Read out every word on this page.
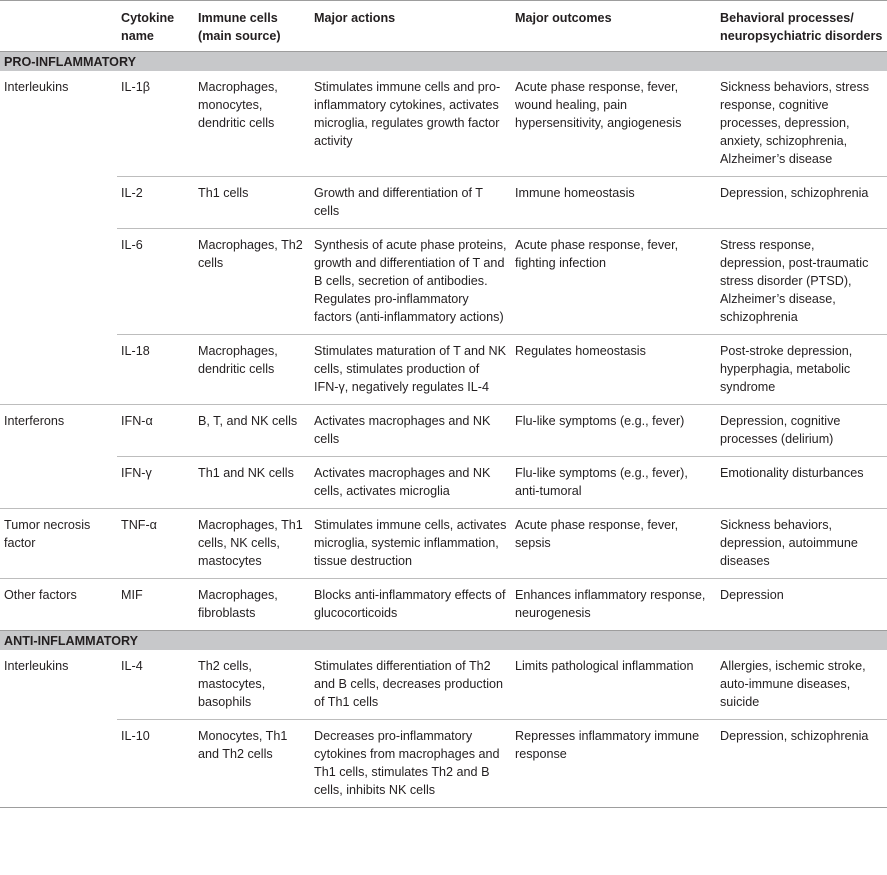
	Cytokine name	Immune cells (main source)	Major actions	Major outcomes	Behavioral processes/ neuropsychiatric disorders
PRO-INFLAMMATORY					
Interleukins	IL-1β	Macrophages, monocytes, dendritic cells	Stimulates immune cells and pro-inflammatory cytokines, activates microglia, regulates growth factor activity	Acute phase response, fever, wound healing, pain hypersensitivity, angiogenesis	Sickness behaviors, stress response, cognitive processes, depression, anxiety, schizophrenia, Alzheimer’s disease
	IL-2	Th1 cells	Growth and differentiation of T cells	Immune homeostasis	Depression, schizophrenia
	IL-6	Macrophages, Th2 cells	Synthesis of acute phase proteins, growth and differentiation of T and B cells, secretion of antibodies. Regulates pro-inflammatory factors (anti-inflammatory actions)	Acute phase response, fever, fighting infection	Stress response, depression, post-traumatic stress disorder (PTSD), Alzheimer’s disease, schizophrenia
	IL-18	Macrophages, dendritic cells	Stimulates maturation of T and NK cells, stimulates production of IFN-γ, negatively regulates IL-4	Regulates homeostasis	Post-stroke depression, hyperphagia, metabolic syndrome
Interferons	IFN-α	B, T, and NK cells	Activates macrophages and NK cells	Flu-like symptoms (e.g., fever)	Depression, cognitive processes (delirium)
	IFN-γ	Th1 and NK cells	Activates macrophages and NK cells, activates microglia	Flu-like symptoms (e.g., fever), anti-tumoral	Emotionality disturbances
Tumor necrosis factor	TNF-α	Macrophages, Th1 cells, NK cells, mastocytes	Stimulates immune cells, activates microglia, systemic inflammation, tissue destruction	Acute phase response, fever, sepsis	Sickness behaviors, depression, autoimmune diseases
Other factors	MIF	Macrophages, fibroblasts	Blocks anti-inflammatory effects of glucocorticoids	Enhances inflammatory response, neurogenesis	Depression
ANTI-INFLAMMATORY					
Interleukins	IL-4	Th2 cells, mastocytes, basophils	Stimulates differentiation of Th2 and B cells, decreases production of Th1 cells	Limits pathological inflammation	Allergies, ischemic stroke, auto-immune diseases, suicide
	IL-10	Monocytes, Th1 and Th2 cells	Decreases pro-inflammatory cytokines from macrophages and Th1 cells, stimulates Th2 and B cells, inhibits NK cells	Represses inflammatory immune response	Depression, schizophrenia
